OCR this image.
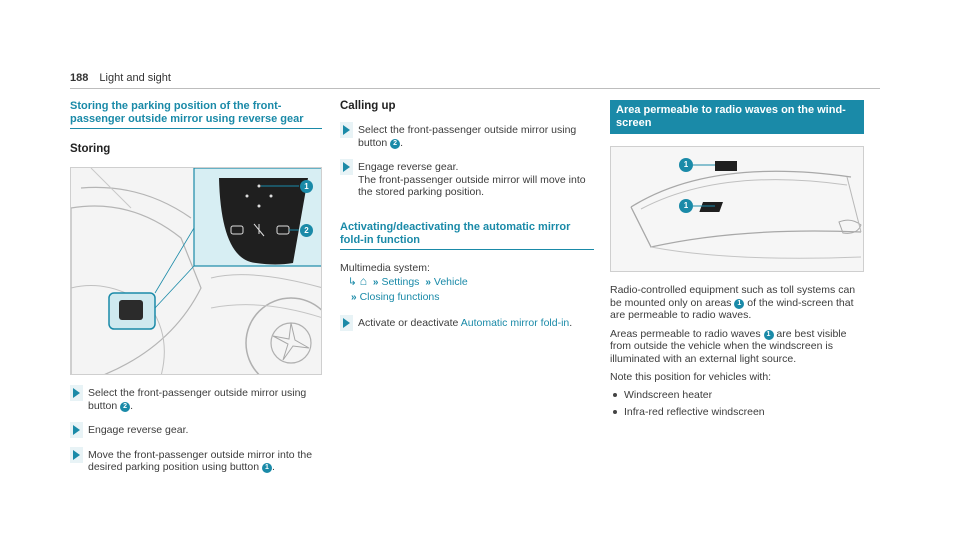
188 Light and sight
Storing the parking position of the front-passenger outside mirror using reverse gear
Storing
1
2
Select the front-passenger outside mirror using button 2 .
Engage reverse gear.
Move the front-passenger outside mirror into the desired parking position using button 1 .
Calling up
Select the front-passenger outside mirror using button 2 .
Engage reverse gear.
The front-passenger outside mirror will move into the stored parking position.
Activating/deactivating the automatic mirror fold-in function
Multimedia system:
↳ ⌂ » Settings » Vehicle
» Closing functions
Activate or deactivate Automatic mirror fold-in.
Area permeable to radio waves on the wind-screen
1
1
Radio-controlled equipment such as toll systems can be mounted only on areas 1 of the wind-screen that are permeable to radio waves.
Areas permeable to radio waves 1 are best visible from outside the vehicle when the windscreen is illuminated with an external light source.
Note this position for vehicles with:
Windscreen heater
Infra-red reflective windscreen
